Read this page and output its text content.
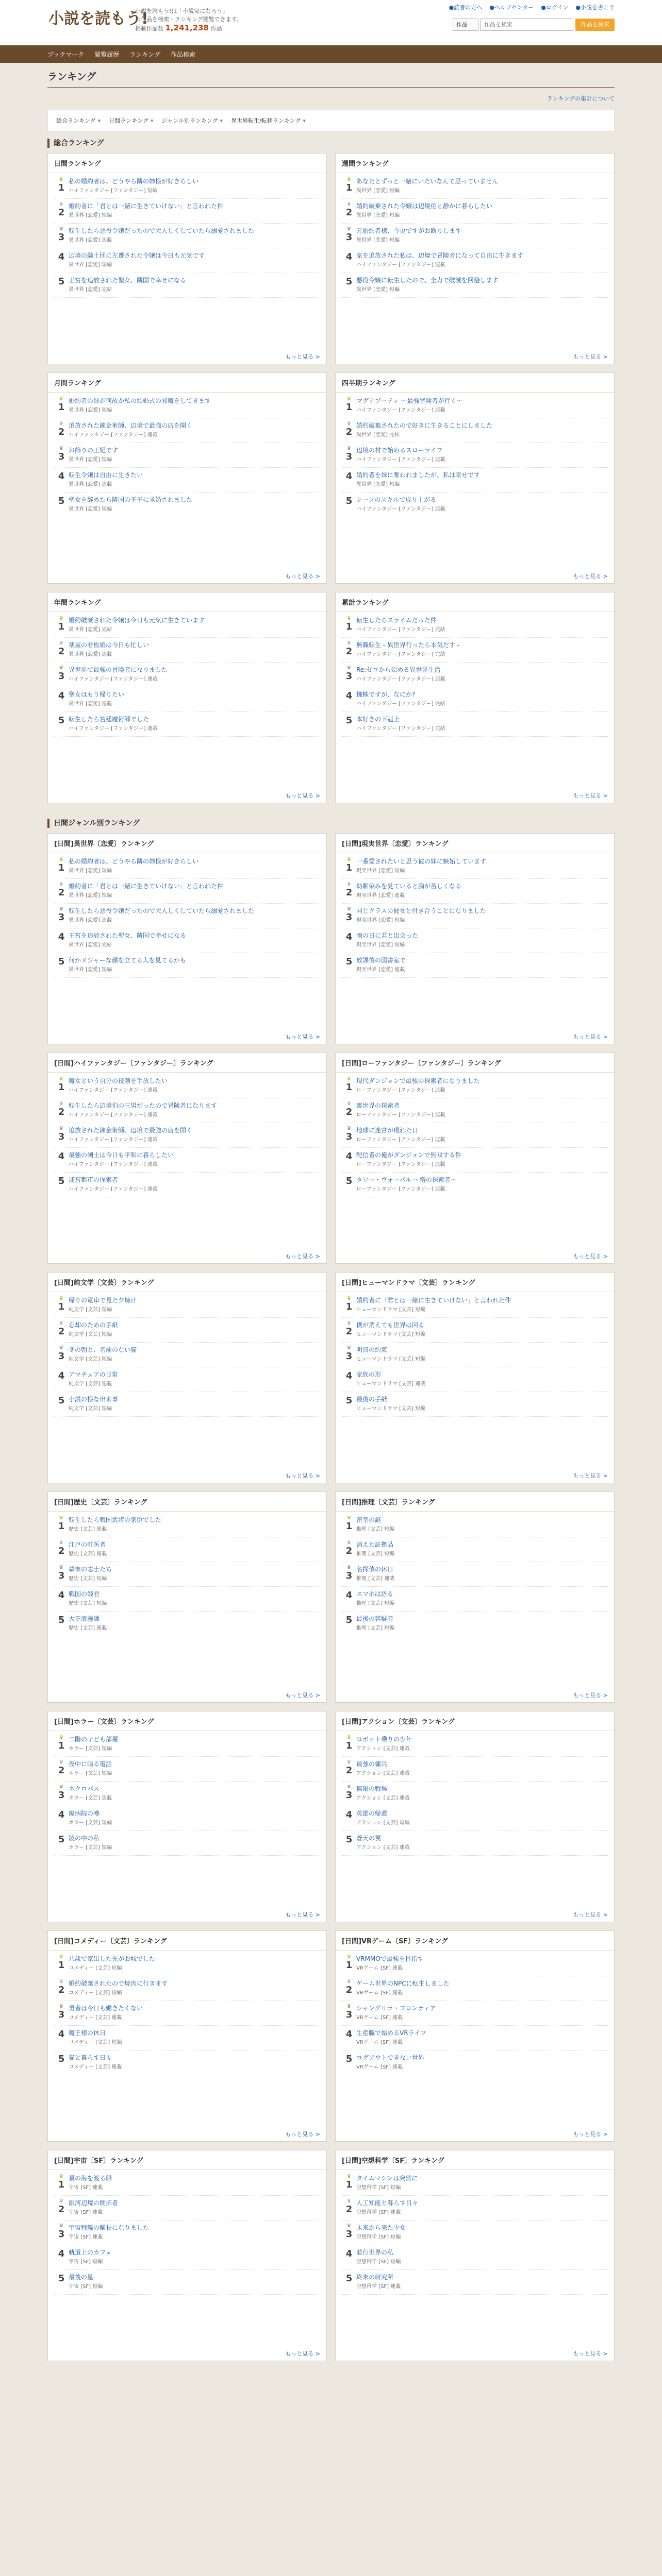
小説を読もう!
小説を読もう!は「小説家になろう」
の作品を検索・ランキング閲覧できます。
掲載作品数 1,241,238 作品
●読者の方へ ●ヘルプセンター ●ログイン ●小説を書こう
作品
作品を検索	作品を検索
ブックマーク 閲覧履歴 ランキング 作品検索
ランキング
ランキングの集計について
総合ランキング ▾	日間ランキング ▾	ジャンル別ランキング ▾	異世界転生/転移ランキング ▾
総合ランキング
日間ランキング
♛
1
私の婚約者は、どうやら隣の姉様が好きらしい
ハイファンタジー [ファンタジー] 短編
♛
2
婚約者に「君とは一緒に生きていけない」と言われた件
異世界 [恋愛] 短編
♛
3
転生したら悪役令嬢だったので大人しくしていたら溺愛されました
異世界 [恋愛] 連載
4 辺境の騎士団に左遷された令嬢は今日も元気です
異世界 [恋愛] 短編
5 王宮を追放された聖女、隣国で幸せになる
異世界 [恋愛] 完結
もっと見る >
週間ランキング
♛
1
あなたとずっと一緒にいたいなんて思っていません
異世界 [恋愛] 短編
♛
2
婚約破棄された令嬢は辺境伯と静かに暮らしたい
異世界 [恋愛] 短編
♛
3
元婚約者様、今更ですがお断りします
異世界 [恋愛] 短編
4 家を追放された私は、辺境で冒険者になって自由に生きます
ハイファンタジー [ファンタジー] 連載
5 悪役令嬢に転生したので、全力で破滅を回避します
異世界 [恋愛] 短編
もっと見る >
月間ランキング
♛
1
婚約者の姉が何故か私の結婚式の邪魔をしてきます
異世界 [恋愛] 短編
♛
2
追放された錬金術師、辺境で最強の店を開く
ハイファンタジー [ファンタジー] 連載
♛
3
お飾りの王妃です
異世界 [恋愛] 短編
4 転生令嬢は自由に生きたい
異世界 [恋愛] 連載
5 聖女を辞めたら隣国の王子に求婚されました
異世界 [恋愛] 短編
もっと見る >
四半期ランキング
♛
1
マグナブーティ 〜最強冒険者が行く〜
ハイファンタジー [ファンタジー] 連載
♛
2
婚約破棄されたので好きに生きることにしました
異世界 [恋愛] 完結
♛
3
辺境の村で始めるスローライフ
ハイファンタジー [ファンタジー] 連載
4 婚約者を妹に奪われましたが、私は幸せです
異世界 [恋愛] 短編
5 シーフのスキルで成り上がる
ハイファンタジー [ファンタジー] 連載
もっと見る >
年間ランキング
♛
1
婚約破棄された令嬢は今日も元気に生きています
異世界 [恋愛] 完結
♛
2
薬屋の看板娘は今日も忙しい
異世界 [恋愛] 連載
♛
3
異世界で最強の冒険者になりました
ハイファンタジー [ファンタジー] 連載
4 聖女はもう帰りたい
異世界 [恋愛] 連載
5 転生したら宮廷魔術師でした
ハイファンタジー [ファンタジー] 連載
もっと見る >
累計ランキング
♛
1
転生したらスライムだった件
ハイファンタジー [ファンタジー] 完結
♛
2
無職転生 - 異世界行ったら本気だす -
ハイファンタジー [ファンタジー] 完結
♛
3
Re:ゼロから始める異世界生活
ハイファンタジー [ファンタジー] 連載
4 蜘蛛ですが、なにか?
ハイファンタジー [ファンタジー] 完結
5 本好きの下剋上
ハイファンタジー [ファンタジー] 完結
もっと見る >
日間ジャンル別ランキング
[日間]異世界〔恋愛〕ランキング
♛
1
私の婚約者は、どうやら隣の姉様が好きらしい
異世界 [恋愛] 短編
♛
2
婚約者に「君とは一緒に生きていけない」と言われた件
異世界 [恋愛] 短編
♛
3
転生したら悪役令嬢だったので大人しくしていたら溺愛されました
異世界 [恋愛] 連載
4 王宮を追放された聖女、隣国で幸せになる
異世界 [恋愛] 完結
5 何かメジャーな顔を立てる人を見てるかも
異世界 [恋愛] 短編
もっと見る >
[日間]現実世界〔恋愛〕ランキング
♛
1
一番愛されたいと思う彼の妹に嫉妬しています
現実世界 [恋愛] 短編
♛
2
幼馴染みを見ていると胸が苦しくなる
現実世界 [恋愛] 連載
♛
3
同じクラスの彼女と付き合うことになりました
現実世界 [恋愛] 短編
4 雨の日に君と出会った
現実世界 [恋愛] 短編
5 放課後の図書室で
現実世界 [恋愛] 連載
もっと見る >
[日間]ハイファンタジー〔ファンタジー〕ランキング
♛
1
魔女という自分の役割を手放したい
ハイファンタジー [ファンタジー] 連載
♛
2
転生したら辺境伯の三男だったので冒険者になります
ハイファンタジー [ファンタジー] 連載
♛
3
追放された錬金術師、辺境で最強の店を開く
ハイファンタジー [ファンタジー] 連載
4 最強の剣士は今日も平和に暮らしたい
ハイファンタジー [ファンタジー] 連載
5 迷宮都市の探索者
ハイファンタジー [ファンタジー] 連載
もっと見る >
[日間]ローファンタジー〔ファンタジー〕ランキング
♛
1
現代ダンジョンで最強の探索者になりました
ローファンタジー [ファンタジー] 連載
♛
2
裏世界の探索者
ローファンタジー [ファンタジー] 連載
♛
3
地球に迷宮が現れた日
ローファンタジー [ファンタジー] 連載
4 配信者の俺がダンジョンで無双する件
ローファンタジー [ファンタジー] 連載
5 タワー・ヴォーパル 〜塔の探索者〜
ローファンタジー [ファンタジー] 連載
もっと見る >
[日間]純文学〔文芸〕ランキング
♛
1
帰りの電車で見た夕焼け
純文学 [文芸] 短編
♛
2
忘却のための手紙
純文学 [文芸] 短編
♛
3
冬の朝と、名前のない猫
純文学 [文芸] 短編
4 アマチュアの日常
純文学 [文芸] 連載
5 小説の様な出来事
純文学 [文芸] 短編
もっと見る >
[日間]ヒューマンドラマ〔文芸〕ランキング
♛
1
婚約者に「君とは一緒に生きていけない」と言われた件
ヒューマンドラマ [文芸] 短編
♛
2
僕が消えても世界は回る
ヒューマンドラマ [文芸] 短編
♛
3
明日の約束
ヒューマンドラマ [文芸] 短編
4 家族の形
ヒューマンドラマ [文芸] 連載
5 最後の手紙
ヒューマンドラマ [文芸] 短編
もっと見る >
[日間]歴史〔文芸〕ランキング
♛
1
転生したら戦国武将の家臣でした
歴史 [文芸] 連載
♛
2
江戸の町医者
歴史 [文芸] 連載
♛
3
幕末の志士たち
歴史 [文芸] 短編
4 戦国の姫君
歴史 [文芸] 短編
5 大正浪漫譚
歴史 [文芸] 連載
もっと見る >
[日間]推理〔文芸〕ランキング
♛
1
密室の謎
推理 [文芸] 短編
♛
2
消えた証拠品
推理 [文芸] 短編
♛
3
名探偵の休日
推理 [文芸] 連載
4 スマホは語る
推理 [文芸] 短編
5 最後の容疑者
推理 [文芸] 短編
もっと見る >
[日間]ホラー〔文芸〕ランキング
♛
1
二階の子ども部屋
ホラー [文芸] 短編
♛
2
夜中に鳴る電話
ホラー [文芸] 短編
♛
3
ネクロパス
ホラー [文芸] 連載
4 廃病院の噂
ホラー [文芸] 短編
5 鏡の中の私
ホラー [文芸] 短編
もっと見る >
[日間]アクション〔文芸〕ランキング
♛
1
ロボット乗りの少年
アクション [文芸] 連載
♛
2
最強の傭兵
アクション [文芸] 連載
♛
3
無限の戦場
アクション [文芸] 連載
4 英雄の帰還
アクション [文芸] 短編
5 蒼天の翼
アクション [文芸] 連載
もっと見る >
[日間]コメディー〔文芸〕ランキング
♛
1
八歳で家出した先がお城でした
コメディー [文芸] 短編
♛
2
婚約破棄されたので焼肉に行きます
コメディー [文芸] 短編
♛
3
勇者は今日も働きたくない
コメディー [文芸] 連載
4 魔王様の休日
コメディー [文芸] 短編
5 猫と暮らす日々
コメディー [文芸] 連載
もっと見る >
[日間]VRゲーム〔SF〕ランキング
♛
1
VRMMOで最強を目指す
VRゲーム [SF] 連載
♛
2
ゲーム世界のNPCに転生しました
VRゲーム [SF] 連載
♛
3
シャングリラ・フロンティア
VRゲーム [SF] 連載
4 生産職で始めるVRライフ
VRゲーム [SF] 連載
5 ログアウトできない世界
VRゲーム [SF] 連載
もっと見る >
[日間]宇宙〔SF〕ランキング
♛
1
星の海を渡る船
宇宙 [SF] 連載
♛
2
銀河辺境の開拓者
宇宙 [SF] 連載
♛
3
宇宙戦艦の艦長になりました
宇宙 [SF] 連載
4 軌道上のカフェ
宇宙 [SF] 短編
5 最後の星
宇宙 [SF] 短編
もっと見る >
[日間]空想科学〔SF〕ランキング
♛
1
タイムマシンは突然に
空想科学 [SF] 短編
♛
2
人工知能と暮らす日々
空想科学 [SF] 連載
♛
3
未来から来た少女
空想科学 [SF] 短編
4 並行世界の私
空想科学 [SF] 短編
5 終末の研究所
空想科学 [SF] 連載
もっと見る >
